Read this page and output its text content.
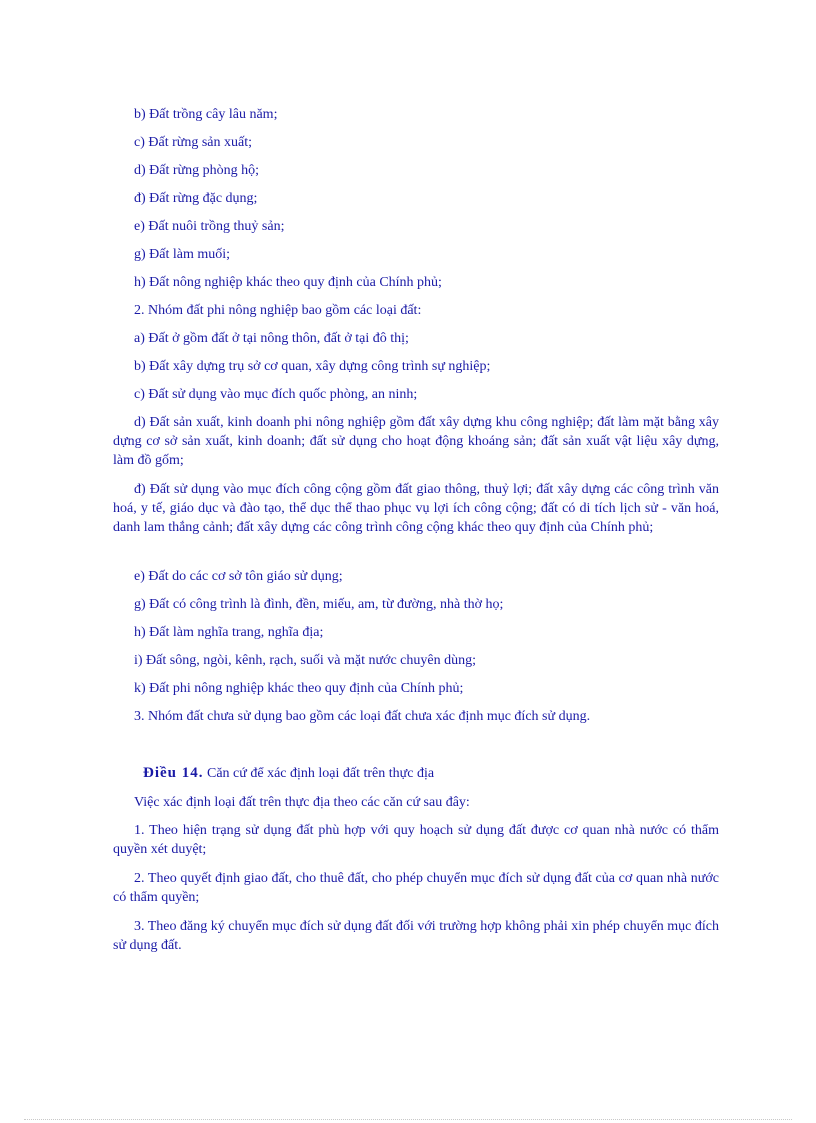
b) Đất trồng cây lâu năm;
c) Đất rừng sản xuất;
d) Đất rừng phòng hộ;
đ) Đất rừng đặc dụng;
e) Đất nuôi trồng thuỷ sản;
g) Đất làm muối;
h) Đất nông nghiệp khác theo quy định của Chính phủ;
2. Nhóm đất phi nông nghiệp bao gồm các loại đất:
a) Đất ở gồm đất ở tại nông thôn, đất ở tại đô thị;
b) Đất xây dựng trụ sở cơ quan, xây dựng công trình sự nghiệp;
c) Đất sử dụng vào mục đích quốc phòng, an ninh;
d) Đất sản xuất, kinh doanh phi nông nghiệp gồm đất xây dựng khu công nghiệp; đất làm mặt bằng xây dựng cơ sở sản xuất, kinh doanh; đất sử dụng cho hoạt động khoáng sản; đất sản xuất vật liệu xây dựng, làm đồ gốm;
đ) Đất sử dụng vào mục đích công cộng gồm đất giao thông, thuỷ lợi; đất xây dựng các công trình văn hoá, y tế, giáo dục và đào tạo, thể dục thể thao phục vụ lợi ích công cộng; đất có di tích lịch sử - văn hoá, danh lam thắng cảnh; đất xây dựng các công trình công cộng khác theo quy định của Chính phủ;
e) Đất do các cơ sở tôn giáo sử dụng;
g) Đất có công trình là đình, đền, miếu, am, từ đường, nhà thờ họ;
h) Đất làm nghĩa trang, nghĩa địa;
i) Đất sông, ngòi, kênh, rạch, suối và mặt nước chuyên dùng;
k) Đất phi nông nghiệp khác theo quy định của Chính phủ;
3. Nhóm đất chưa sử dụng bao gồm các loại đất chưa xác định mục đích sử dụng.
Điều 14. Căn cứ để xác định loại đất trên thực địa
Việc xác định loại đất trên thực địa theo các căn cứ sau đây:
1. Theo hiện trạng sử dụng đất phù hợp với quy hoạch sử dụng đất được cơ quan nhà nước có thẩm quyền xét duyệt;
2. Theo quyết định giao đất, cho thuê đất, cho phép chuyển mục đích sử dụng đất của cơ quan nhà nước có thẩm quyền;
3. Theo đăng ký chuyển mục đích sử dụng đất đối với trường hợp không phải xin phép chuyển mục đích sử dụng đất.
